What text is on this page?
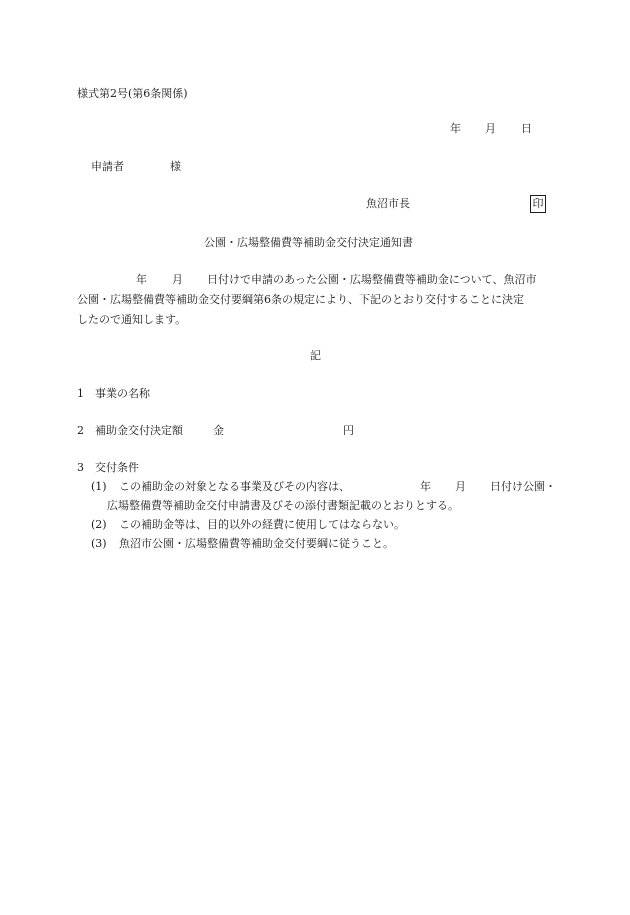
様式第2号(第6条関係)
年 月 日
申請者	様
魚沼市長	印
公園・広場整備費等補助金交付決定通知書
年 月 日付けで申請のあった公園・広場整備費等補助金について、魚沼市
公園・広場整備費等補助金交付要綱第6条の規定により、下記のとおり交付することに決定
したので通知します。
記
1 事業の名称
2 補助金交付決定額	金	円
3 交付条件
(1) この補助金の対象となる事業及びその内容は、	年 月 日付け公園・
広場整備費等補助金交付申請書及びその添付書類記載のとおりとする。
(2) この補助金等は、目的以外の経費に使用してはならない。
(3) 魚沼市公園・広場整備費等補助金交付要綱に従うこと。
